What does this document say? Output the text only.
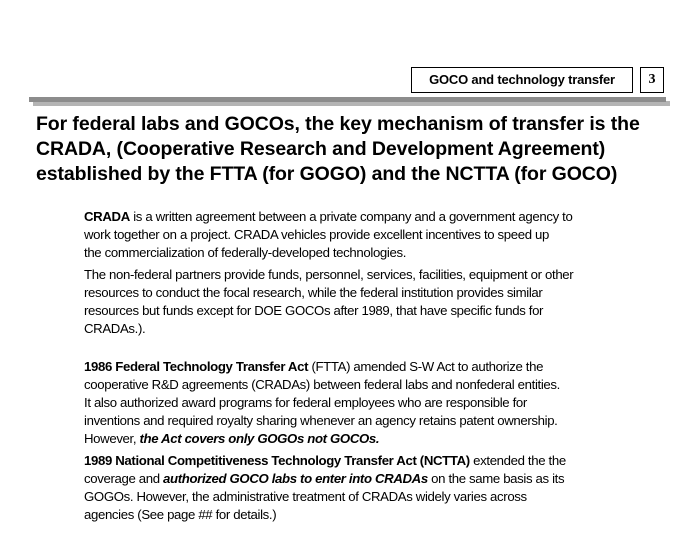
GOCO and technology transfer	3
For federal labs and GOCOs, the key mechanism of transfer is the
CRADA, (Cooperative Research and Development Agreement)
established by the FTTA (for GOGO) and the NCTTA (for GOCO)

CRADA is a written agreement between a private company and a government agency to
work together on a project. CRADA vehicles provide excellent incentives to speed up
the commercialization of federally-developed technologies.

The non-federal partners provide funds, personnel, services, facilities, equipment or other
resources to conduct the focal research, while the federal institution provides similar
resources but funds except for DOE GOCOs after 1989, that have specific funds for
CRADAs.).

1986 Federal Technology Transfer Act (FTTA) amended S-W Act to authorize the
cooperative R&D agreements (CRADAs) between federal labs and nonfederal entities.
It also authorized award programs for federal employees who are responsible for
inventions and required royalty sharing whenever an agency retains patent ownership.
However, the Act covers only GOGOs not GOCOs.

1989 National Competitiveness Technology Transfer Act (NCTTA) extended the the
coverage and authorized GOCO labs to enter into CRADAs on the same basis as its
GOGOs. However, the administrative treatment of CRADAs widely varies across
agencies (See page ## for details.)
